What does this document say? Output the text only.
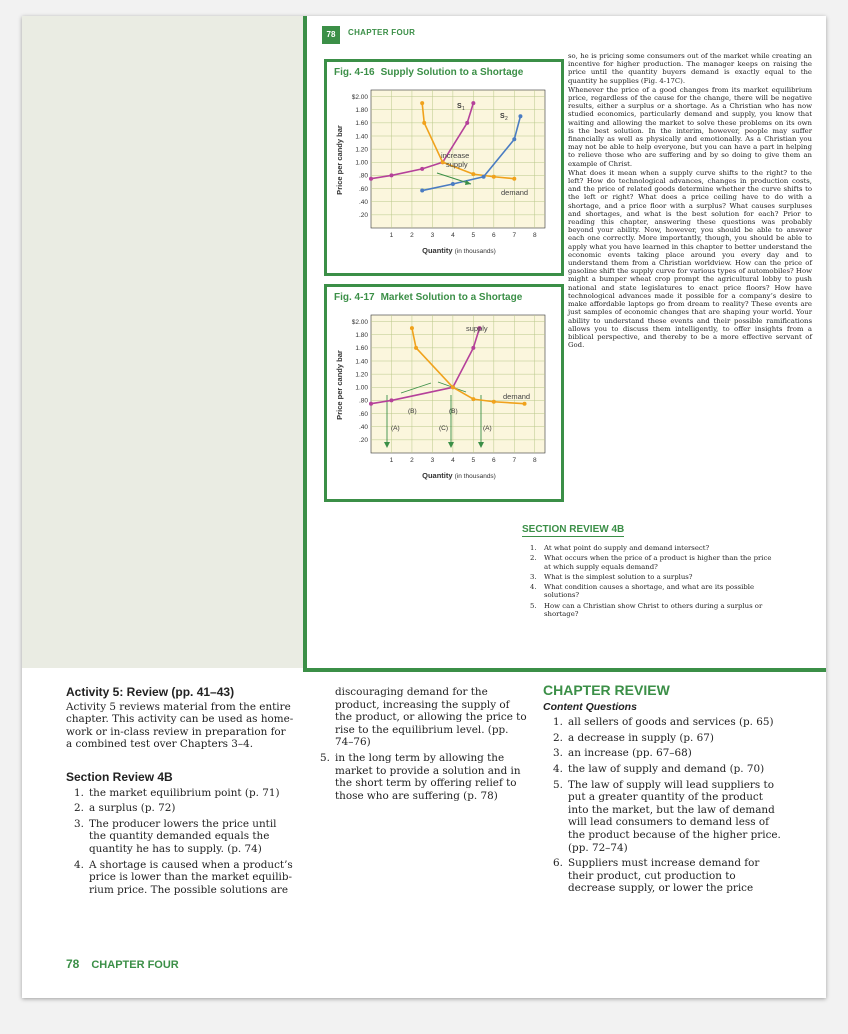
78	CHAPTER FOUR
Fig. 4-16 Supply Solution to a Shortage
$2.00
1.80
1.60
1.40
1.20
1.00
.80
.60
.40
.20
1	2	3	4	5	6	7	8
Price per candy bar
Quantity (in thousands)
S 1
S 2
increase
supply
demand
Fig. 4-17 Market Solution to a Shortage
$2.00
1.80
1.60
1.40
1.20
1.00
.80
.60
.40
.20
1	2	3	4	5	6	7	8
Price per candy bar
Quantity (in thousands)
supply
demand
(B)	(B)
(A)	(C)	(A)

so, he is pricing some consumers out of the market while creating an incentive for higher production. The manager keeps on raising the price until the quantity buyers demand is exactly equal to the quantity he supplies (Fig. 4-17C).

Whenever the price of a good changes from its market equilibrium price, regardless of the cause for the change, there will be negative results, either a surplus or a shortage. As a Christian who has now studied economics, particularly demand and supply, you know that waiting and allowing the market to solve these problems on its own is the best solution. In the interim, however, people may suffer financially as well as physically and emotionally. As a Christian you may not be able to help everyone, but you can have a part in helping to relieve those who are suffering and by so doing to give them an example of Christ.

What does it mean when a supply curve shifts to the right? to the left? How do technological advances, changes in production costs, and the price of related goods determine whether the curve shifts to the left or right? What does a price ceiling have to do with a shortage, and a price floor with a surplus? What causes surpluses and shortages, and what is the best solution for each? Prior to reading this chapter, answering these questions was probably beyond your ability. Now, however, you should be able to answer each one correctly. More importantly, though, you should be able to apply what you have learned in this chapter to better understand the economic events taking place around you every day and to understand them from a Christian worldview. How can the price of gasoline shift the supply curve for various types of automobiles? How might a bumper wheat crop prompt the agricultural lobby to push national and state legislatures to enact price floors? How have technological advances made it possible for a company’s desire to make affordable laptops go from dream to reality? These events are just samples of economic changes that are shaping your world. Your ability to understand these events and their possible ramifications allows you to discuss them intelligently, to offer insights from a biblical perspective, and thereby to be a more effective servant of God.

SECTION REVIEW 4B
1. At what point do supply and demand intersect?
2. What occurs when the price of a product is higher than the price at which supply equals demand?
3. What is the simplest solution to a surplus?
4. What condition causes a shortage, and what are its possible solutions?
5. How can a Christian show Christ to others during a surplus or shortage?
Activity 5: Review (pp. 41–43)
Activity 5 reviews material from the entire chapter. This activity can be used as homework or in-class review in preparation for a combined test over Chapters 3–4.
Section Review 4B
1. the market equilibrium point (p. 71)
2. a surplus (p. 72)
3. The producer lowers the price until the quantity demanded equals the quantity he has to supply. (p. 74)
4. A shortage is caused when a product’s price is lower than the market equilibrium price. The possible solutions are
discouraging demand for the product, increasing the supply of the product, or allowing the price to rise to the equilibrium level. (pp. 74–76)
5. in the long term by allowing the market to provide a solution and in the short term by offering relief to those who are suffering (p. 78)
CHAPTER REVIEW
Content Questions
1. all sellers of goods and services (p. 65)
2. a decrease in supply (p. 67)
3. an increase (pp. 67–68)
4. the law of supply and demand (p. 70)
5. The law of supply will lead suppliers to put a greater quantity of the product into the market, but the law of demand will lead consumers to demand less of the product because of the higher price. (pp. 72–74)
6. Suppliers must increase demand for their product, cut production to decrease supply, or lower the price
78 CHAPTER FOUR
